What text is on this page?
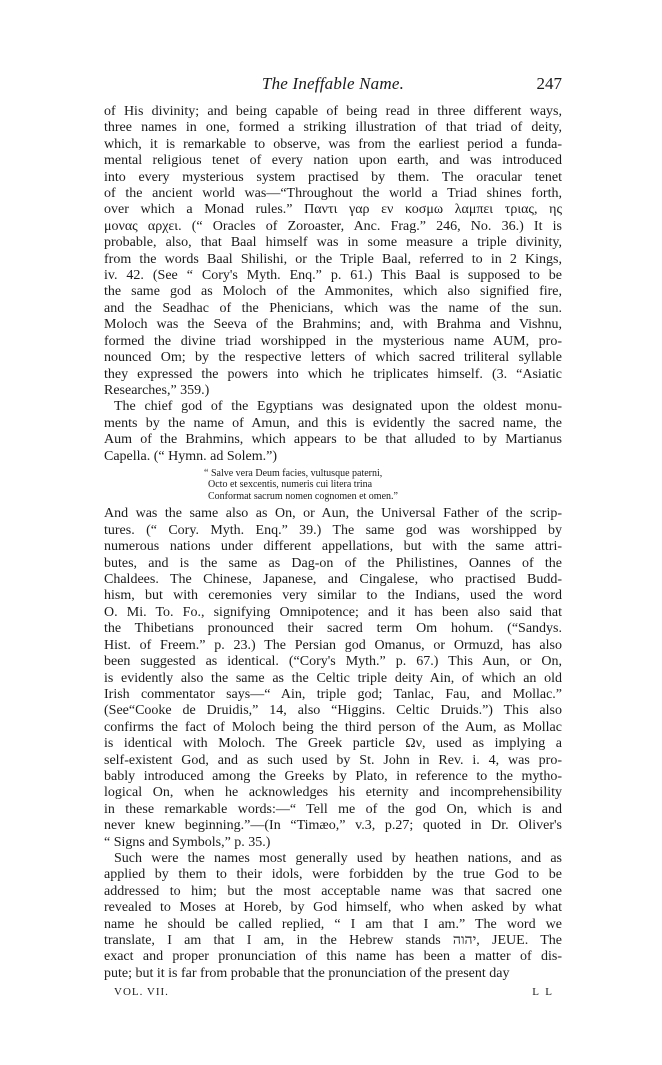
The Ineffable Name.	247
of His divinity; and being capable of being read in three different ways,
three names in one, formed a striking illustration of that triad of deity,
which, it is remarkable to observe, was from the earliest period a funda-
mental religious tenet of every nation upon earth, and was introduced
into every mysterious system practised by them. The oracular tenet
of the ancient world was—“Throughout the world a Triad shines forth,
over which a Monad rules.” Παντι γαρ εν κοσμω λαμπει τριας, ης
μονας αρχει. (“ Oracles of Zoroaster, Anc. Frag.” 246, No. 36.) It is
probable, also, that Baal himself was in some measure a triple divinity,
from the words Baal Shilishi, or the Triple Baal, referred to in 2 Kings,
iv. 42. (See “ Cory's Myth. Enq.” p. 61.) This Baal is supposed to be
the same god as Moloch of the Ammonites, which also signified fire,
and the Seadhac of the Phenicians, which was the name of the sun.
Moloch was the Seeva of the Brahmins; and, with Brahma and Vishnu,
formed the divine triad worshipped in the mysterious name AUM, pro-
nounced Om; by the respective letters of which sacred triliteral syllable
they expressed the powers into which he triplicates himself. (3. “Asiatic
Researches,” 359.)
The chief god of the Egyptians was designated upon the oldest monu-
ments by the name of Amun, and this is evidently the sacred name, the
Aum of the Brahmins, which appears to be that alluded to by Martianus
Capella. (“ Hymn. ad Solem.”)
“ Salve vera Deum facies, vultusque paterni,
Octo et sexcentis, numeris cui litera trina
Conformat sacrum nomen cognomen et omen.”
And was the same also as On, or Aun, the Universal Father of the scrip-
tures. (“ Cory. Myth. Enq.” 39.) The same god was worshipped by
numerous nations under different appellations, but with the same attri-
butes, and is the same as Dag-on of the Philistines, Oannes of the
Chaldees. The Chinese, Japanese, and Cingalese, who practised Budd-
hism, but with ceremonies very similar to the Indians, used the word
O. Mi. To. Fo., signifying Omnipotence; and it has been also said that
the Thibetians pronounced their sacred term Om hohum. (“Sandys.
Hist. of Freem.” p. 23.) The Persian god Omanus, or Ormuzd, has also
been suggested as identical. (“Cory's Myth.” p. 67.) This Aun, or On,
is evidently also the same as the Celtic triple deity Ain, of which an old
Irish commentator says—“ Ain, triple god; Tanlac, Fau, and Mollac.”
(See“Cooke de Druidis,” 14, also “Higgins. Celtic Druids.”) This also
confirms the fact of Moloch being the third person of the Aum, as Mollac
is identical with Moloch. The Greek particle Ων, used as implying a
self-existent God, and as such used by St. John in Rev. i. 4, was pro-
bably introduced among the Greeks by Plato, in reference to the mytho-
logical On, when he acknowledges his eternity and incomprehensibility
in these remarkable words:—“ Tell me of the god On, which is and
never knew beginning.”—(In “Timæo,” v.3, p.27; quoted in Dr. Oliver's
“ Signs and Symbols,” p. 35.)
Such were the names most generally used by heathen nations, and as
applied by them to their idols, were forbidden by the true God to be
addressed to him; but the most acceptable name was that sacred one
revealed to Moses at Horeb, by God himself, who when asked by what
name he should be called replied, “ I am that I am.” The word we
translate, I am that I am, in the Hebrew stands יהוה, JEUE. The
exact and proper pronunciation of this name has been a matter of dis-
pute; but it is far from probable that the pronunciation of the present day
VOL. VII.	L L
